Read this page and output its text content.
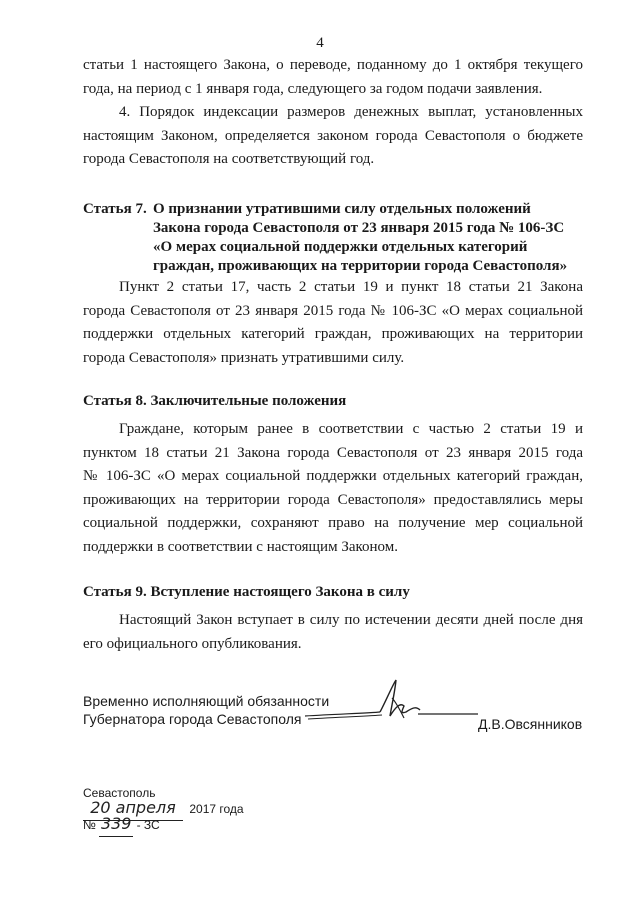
4

статьи 1 настоящего Закона, о переводе, поданному до 1 октября текущего

года, на период с 1 января года, следующего за годом подачи заявления.

4. Порядок индексации размеров денежных выплат, установленных

настоящим Законом, определяется законом города Севастополя о бюджете

города Севастополя на соответствующий год.

Статья 7. О признании утратившими силу отдельных положений
Закона города Севастополя от 23 января 2015 года № 106-ЗС
«О мерах социальной поддержки отдельных категорий
граждан, проживающих на территории города Севастополя»

Пункт 2 статьи 17, часть 2 статьи 19 и пункт 18 статьи 21 Закона

города Севастополя от 23 января 2015 года № 106-ЗС «О мерах социальной

поддержки отдельных категорий граждан, проживающих на территории

города Севастополя» признать утратившими силу.

Статья 8. Заключительные положения

Граждане, которым ранее в соответствии с частью 2 статьи 19 и

пунктом 18 статьи 21 Закона города Севастополя от 23 января 2015 года

№ 106-ЗС «О мерах социальной поддержки отдельных категорий граждан,

проживающих на территории города Севастополя» предоставлялись меры

социальной поддержки, сохраняют право на получение мер социальной

поддержки в соответствии с настоящим Законом.

Статья 9. Вступление настоящего Закона в силу

Настоящий Закон вступает в силу по истечении десяти дней после дня

его официального опубликования.

Временно исполняющий обязанности
Губернатора города Севастополя	Д.В.Овсянников
Севастополь
20 апреля 2017 года
№ 339 - ЗС
